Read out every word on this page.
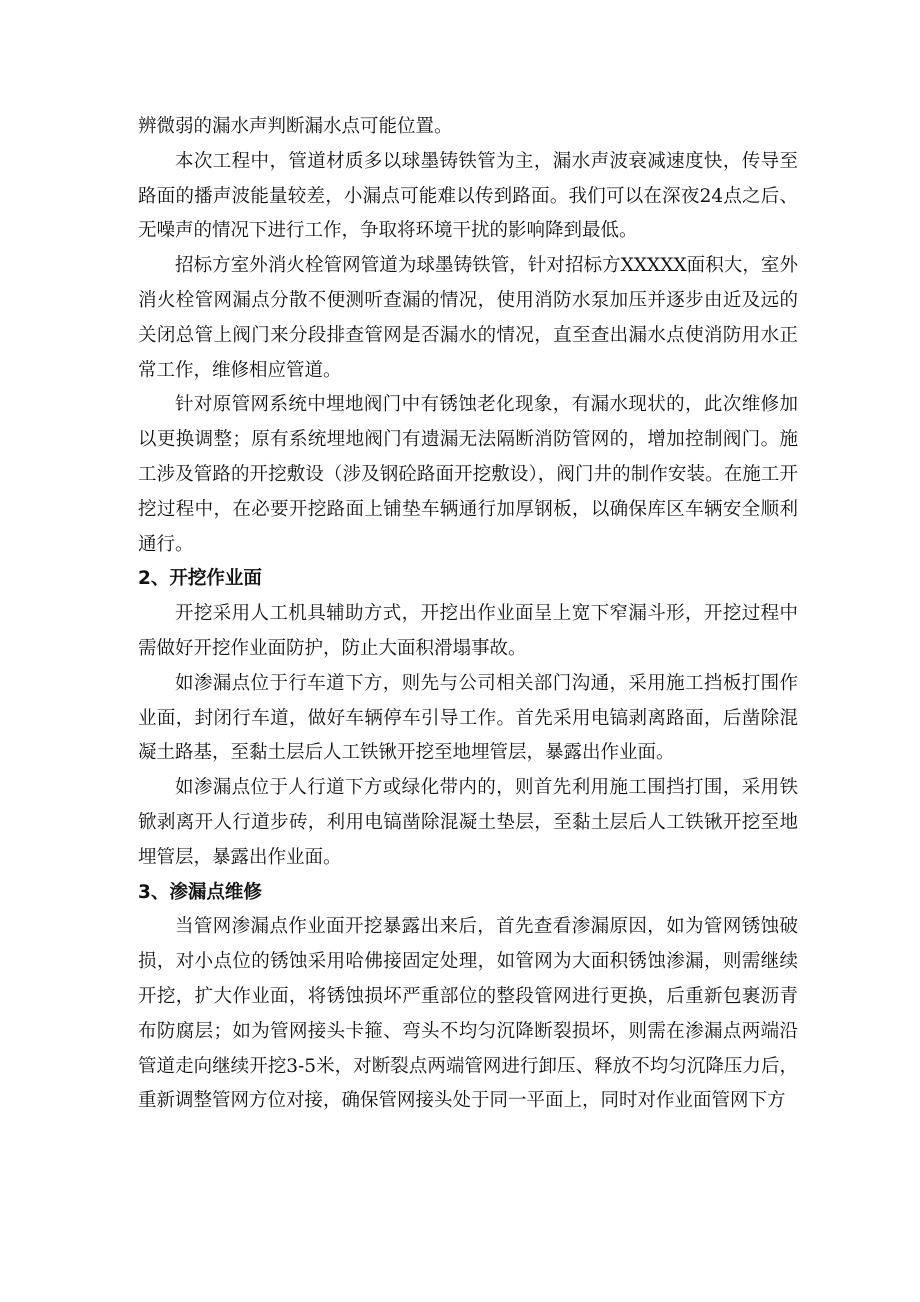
辨微弱的漏水声判断漏水点可能位置。

本次工程中，管道材质多以球墨铸铁管为主，漏水声波衰减速度快，传导至路面的播声波能量较差，小漏点可能难以传到路面。我们可以在深夜24点之后、无噪声的情况下进行工作，争取将环境干扰的影响降到最低。

招标方室外消火栓管网管道为球墨铸铁管，针对招标方XXXXX面积大，室外消火栓管网漏点分散不便测听查漏的情况，使用消防水泵加压并逐步由近及远的关闭总管上阀门来分段排查管网是否漏水的情况，直至查出漏水点使消防用水正常工作，维修相应管道。

针对原管网系统中埋地阀门中有锈蚀老化现象，有漏水现状的，此次维修加以更换调整；原有系统埋地阀门有遗漏无法隔断消防管网的，增加控制阀门。施工涉及管路的开挖敷设（涉及钢砼路面开挖敷设），阀门井的制作安装。在施工开挖过程中，在必要开挖路面上铺垫车辆通行加厚钢板，以确保库区车辆安全顺利通行。

2、开挖作业面

开挖采用人工机具辅助方式，开挖出作业面呈上宽下窄漏斗形，开挖过程中需做好开挖作业面防护，防止大面积滑塌事故。

如渗漏点位于行车道下方，则先与公司相关部门沟通，采用施工挡板打围作业面，封闭行车道，做好车辆停车引导工作。首先采用电镐剥离路面，后凿除混凝土路基，至黏土层后人工铁锹开挖至地埋管层，暴露出作业面。

如渗漏点位于人行道下方或绿化带内的，则首先利用施工围挡打围，采用铁锨剥离开人行道步砖，利用电镐凿除混凝土垫层，至黏土层后人工铁锹开挖至地埋管层，暴露出作业面。

3、渗漏点维修

当管网渗漏点作业面开挖暴露出来后，首先查看渗漏原因，如为管网锈蚀破损，对小点位的锈蚀采用哈佛接固定处理，如管网为大面积锈蚀渗漏，则需继续开挖，扩大作业面，将锈蚀损坏严重部位的整段管网进行更换，后重新包裹沥青布防腐层；如为管网接头卡箍、弯头不均匀沉降断裂损坏，则需在渗漏点两端沿管道走向继续开挖3-5米，对断裂点两端管网进行卸压、释放不均匀沉降压力后，重新调整管网方位对接，确保管网接头处于同一平面上，同时对作业面管网下方
